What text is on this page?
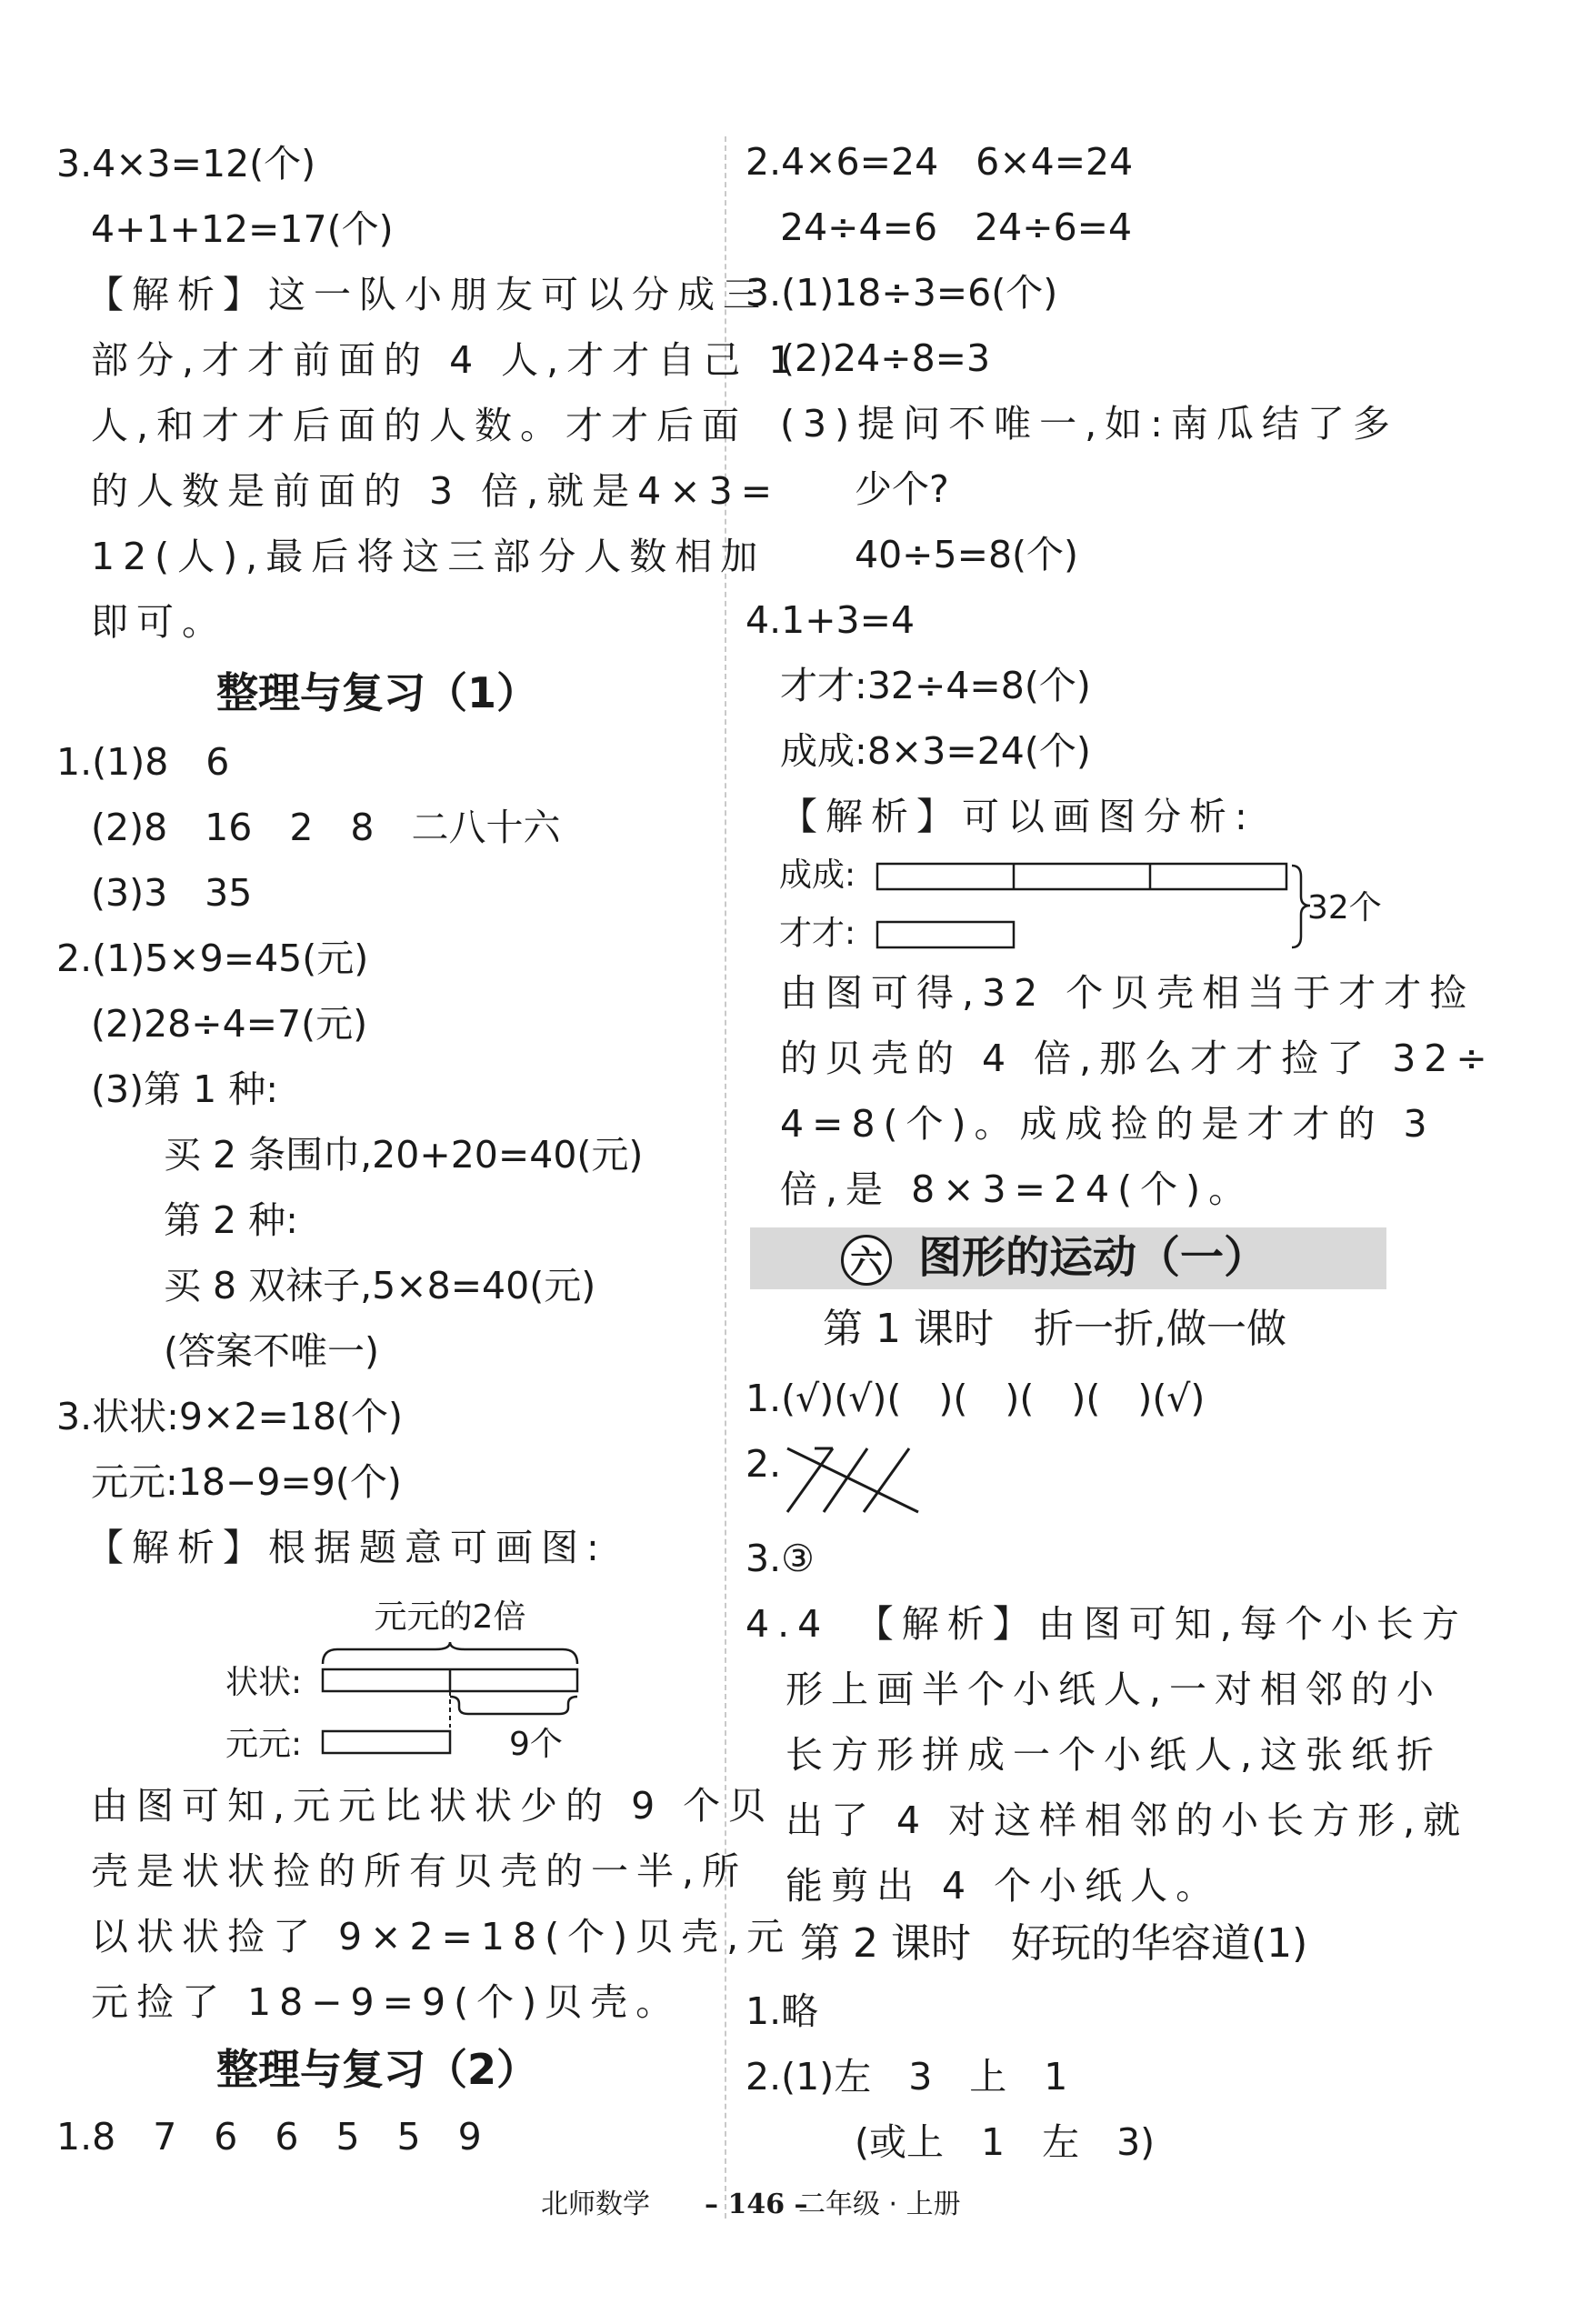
3.4×3=12(个)
4+1+12=17(个)
【解析】这一队小朋友可以分成三
部分,才才前面的 4 人,才才自己 1
人,和才才后面的人数。才才后面
的人数是前面的 3 倍,就是4×3=
12(人),最后将这三部分人数相加
即可。
整理与复习（1）
1.(1)8　6
(2)8　16　2　8　二八十六
(3)3　35
2.(1)5×9=45(元)
(2)28÷4=7(元)
(3)第 1 种:
买 2 条围巾,20+20=40(元)
第 2 种:
买 8 双袜子,5×8=40(元)
(答案不唯一)
3.状状:9×2=18(个)
元元:18−9=9(个)
【解析】根据题意可画图:
元元的2倍
状状:
元元:	9个
由图可知,元元比状状少的 9 个贝
壳是状状捡的所有贝壳的一半,所
以状状捡了 9×2=18(个)贝壳,元
元捡了 18−9=9(个)贝壳。
整理与复习（2）
1.8　7　6　6　5　5　9
2.4×6=24　6×4=24
24÷4=6　24÷6=4
3.(1)18÷3=6(个)
(2)24÷8=3
(3)提问不唯一,如:南瓜结了多
少个?
40÷5=8(个)
4.1+3=4
才才:32÷4=8(个)
成成:8×3=24(个)
【解析】可以画图分析:
成成:
才才:
32个
由图可得,32 个贝壳相当于才才捡
的贝壳的 4 倍,那么才才捡了 32÷
4=8(个)。成成捡的是才才的 3
倍,是 8×3=24(个)。
六 图形的运动（一）
第 1 课时　折一折,做一做
1.(√)(√)(　)(　)(　)(　)(√)
2.
3.③
4.4　【解析】由图可知,每个小长方
形上画半个小纸人,一对相邻的小
长方形拼成一个小纸人,这张纸折
出了 4 对这样相邻的小长方形,就
能剪出 4 个小纸人。
第 2 课时　好玩的华容道(1)
1.略
2.(1)左　3　上　1
(或上　1　左　3)
北师数学 – 146 –
二年级 · 上册
